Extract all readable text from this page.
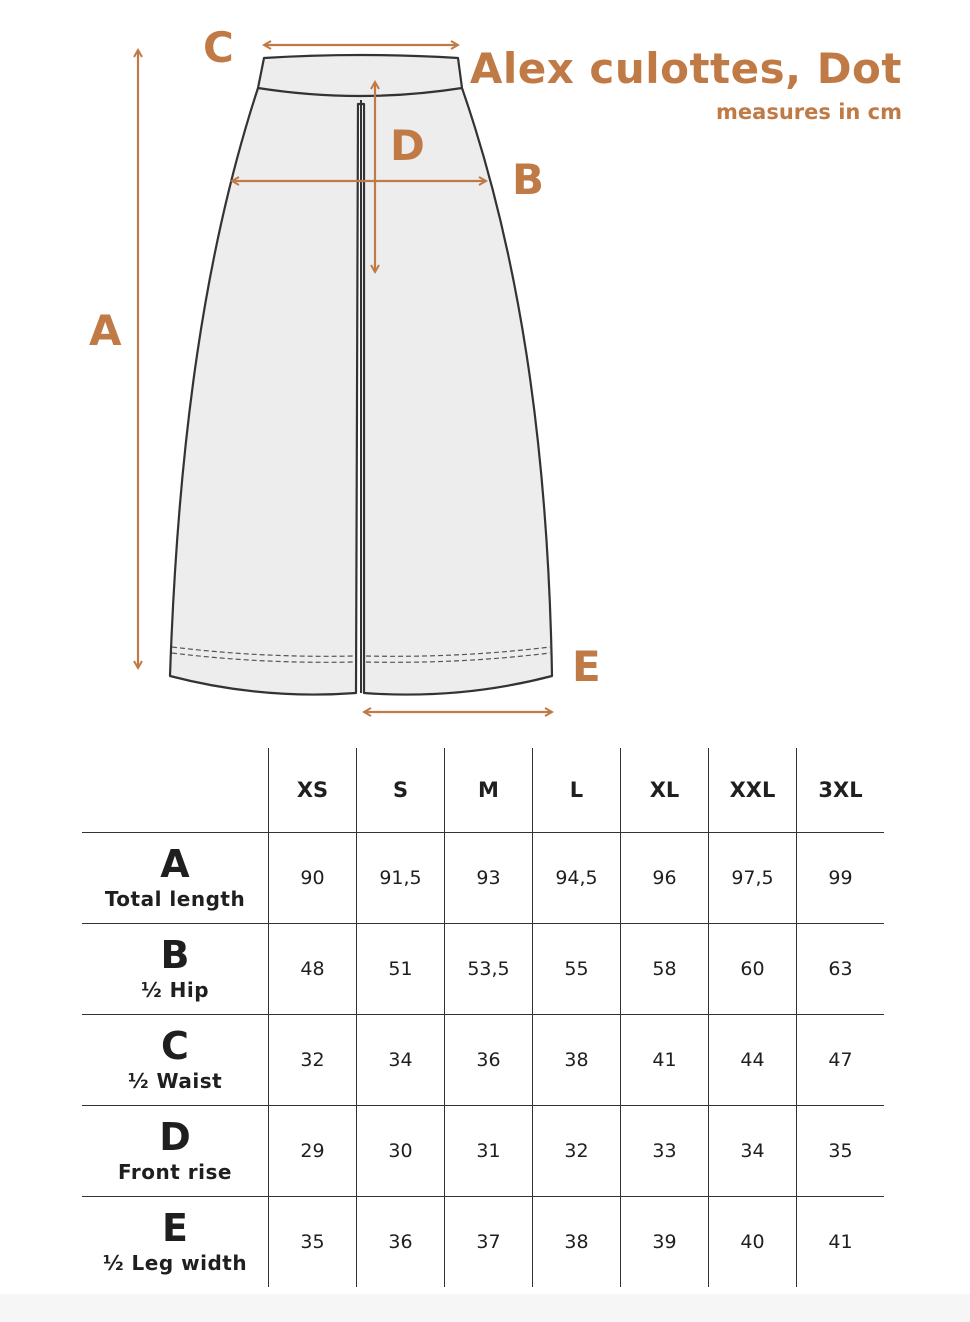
A
C
D
B
E
Alex culottes, Dot

measures in cm

	XS	S	M	L	XL	XXL	3XL

A
Total length	90	91,5	93	94,5	96	97,5	99

B
½ Hip	48	51	53,5	55	58	60	63

C
½ Waist	32	34	36	38	41	44	47

D
Front rise	29	30	31	32	33	34	35

E
½ Leg width	35	36	37	38	39	40	41
